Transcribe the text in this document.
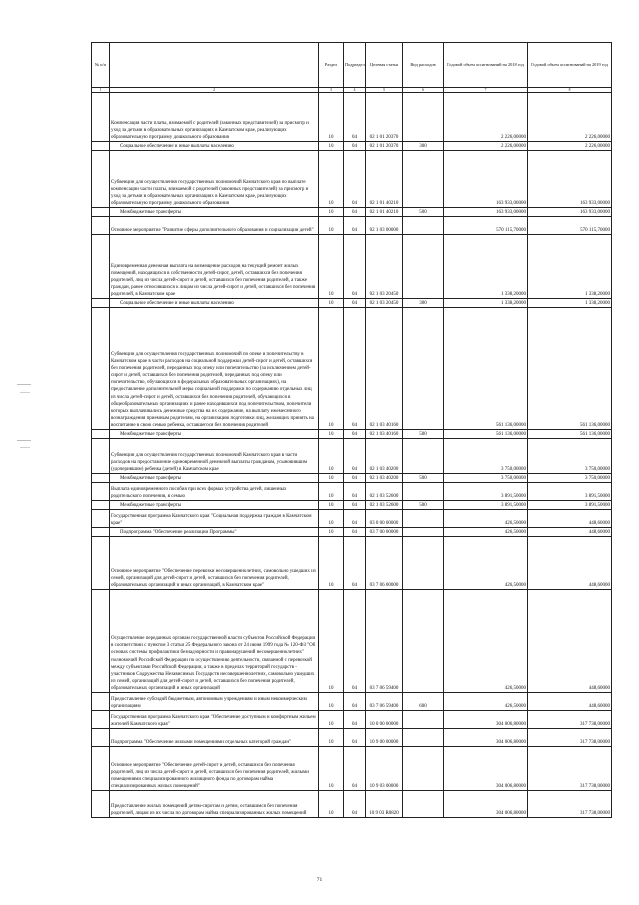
№ п/п		Раздел	Подраздел	Целевая статья	Вид расходов	Годовой объем ассигнований на 2018 год	Годовой объем ассигнований на 2019 год
1	2	3	4	5	6	7	8
	Компенсация части платы, взимаемой с родителей (законных представителей) за присмотр и уход за детьми в образовательных организациях в Камчатском крае, реализующих образовательную программу дошкольного образования	10	04	02 1 01 20370		2 226,00000	2 226,00000
	Социальное обеспечение и иные выплаты населению	10	04	02 1 01 20370	300	2 226,00000	2 226,00000
	Субвенции для осуществления государственных полномочий Камчатского края по выплате компенсации части платы, взимаемой с родителей (законных представителей) за присмотр и уход за детьми в образовательных организациях в Камчатском крае, реализующих образовательную программу дошкольного образования	10	04	02 1 01 40210		163 933,00000	163 933,00000
	Межбюджетные трансферты	10	04	02 1 01 40210	500	163 933,00000	163 933,00000
	Основное мероприятие "Развитие сферы дополнительного образования и социализации детей"	10	04	02 1 03 00000		570 115,70000	570 115,70000
	Единовременная денежная выплата на возмещение расходов на текущий ремонт жилых помещений, находящихся в собственности детей-сирот, детей, оставшихся без попечения родителей, лиц из числа детей-сирот и детей, оставшихся без попечения родителей, а также граждан, ранее относившихся к лицам из числа детей-сирот и детей, оставшихся без попечения родителей, в Камчатском крае	10	04	02 1 03 20450		1 338,20000	1 338,20000
	Социальное обеспечение и иные выплаты населению	10	04	02 1 03 20450	300	1 338,20000	1 338,20000
	Субвенции для осуществления государственных полномочий по опеке и попечительству в Камчатском крае в части расходов на социальной поддержки детей-сирот и детей, оставшихся без попечения родителей, переданных под опеку или попечительство (за исключением детей-сирот и детей, оставшихся без попечения родителей, переданных под опеку или попечительство, обучающихся в федеральных образовательных организациях), на предоставление дополнительной меры социальной поддержки по содержанию отдельных лиц из числа детей-сирот и детей, оставшихся без попечения родителей, обучающихся в общеобразовательных организациях и ранее находившихся под попечительством, попечители которых выплачивались денежные средства на их содержание, на выплату ежемесячного вознаграждения приемным родителям, на организацию подготовки лиц, желающих принять на воспитание в свою семью ребенка, оставшегося без попечения родителей	10	04	02 1 03 40160		561 136,00000	561 136,00000
	Межбюджетные трансферты	10	04	02 1 03 40160	500	561 136,00000	561 136,00000
	Субвенции для осуществления государственных полномочий Камчатского края в части расходов на предоставление единовременной денежной выплаты гражданам, усыновившим (удочерившим) ребенка (детей) в Камчатском крае	10	04	02 1 03 40200		3 750,00000	3 750,00000
	Межбюджетные трансферты	10	04	02 1 03 40200	500	3 750,00000	3 750,00000
	Выплата единовременного пособия при всех формах устройства детей, лишенных родительского попечения, в семью	10	04	02 1 03 52600		3 891,50000	3 891,50000
	Межбюджетные трансферты	10	04	02 1 03 52600	500	3 891,50000	3 891,50000
	Государственная программа Камчатского края "Социальная поддержка граждан в Камчатском крае"	10	04	03 0 00 00000		426,50000	448,60000
	Подпрограмма "Обеспечение реализации Программы"	10	04	03 7 00 00000		426,50000	448,60000
	Основное мероприятие "Обеспечение перевозки несовершеннолетних, самовольно ушедших из семей, организаций для детей-сирот и детей, оставшихся без попечения родителей, образовательных организаций и иных организаций, в Камчатском крае"	10	04	03 7 06 00000		426,50000	448,60000
	Осуществление переданных органам государственной власти субъектов Российской Федерации в соответствии с пунктом 3 статьи 25 Федерального закона от 24 июня 1999 года № 120-ФЗ "Об основах системы профилактики безнадзорности и правонарушений несовершеннолетних" полномочий Российской Федерации по осуществлению деятельности, связанной с перевозкой между субъектами Российской Федерации, а также в пределах территорий государств - участников Содружества Независимых Государств несовершеннолетних, самовольно ушедших из семей, организаций для детей-сирот и детей, оставшихся без попечения родителей, образовательных организаций и иных организаций	10	04	03 7 06 59400		426,50000	448,60000
	Предоставление субсидий бюджетным, автономным учреждениям и иным некоммерческим организациям	10	04	03 7 06 59400	600	426,50000	448,60000
	Государственная программа Камчатского края "Обеспечение доступным и комфортным жильем жителей Камчатского края"	10	04	10 0 00 00000		304 006,80000	317 738,00000
	Подпрограмма "Обеспечение жилыми помещениями отдельных категорий граждан"	10	04	10 9 00 00000		304 006,80000	317 738,00000
	Основное мероприятие "Обеспечение детей-сирот и детей, оставшихся без попечения родителей, лиц из числа детей-сирот и детей, оставшихся без попечения родителей, жилыми помещениями специализированного жилищного фонда по договорам найма специализированных жилых помещений"	10	04	10 9 03 00000		304 006,80000	317 738,00000
	Предоставление жилых помещений детям-сиротам и детям, оставшимся без попечения родителей, лицам из их числа по договорам найма специализированных жилых помещений	10	04	10 9 03 R0820		304 006,80000	317 738,00000
71
